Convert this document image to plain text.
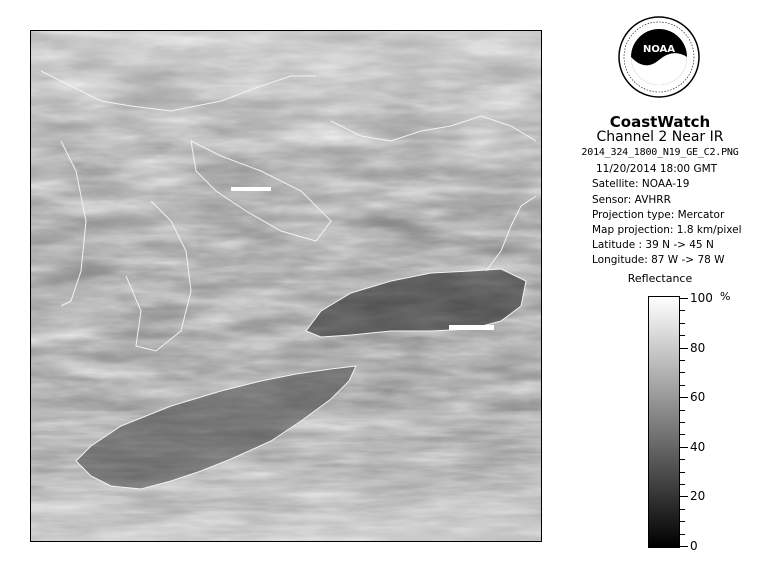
NOAA
CoastWatch
Channel 2 Near IR
2014_324_1800_N19_GE_C2.PNG
11/20/2014 18:00 GMT
Satellite: NOAA-19
Sensor: AVHRR
Projection type: Mercator
Map projection: 1.8 km/pixel
Latitude : 39 N -> 45 N
Longitude: 87 W -> 78 W
Reflectance
%
100
80
60
40
20
0
